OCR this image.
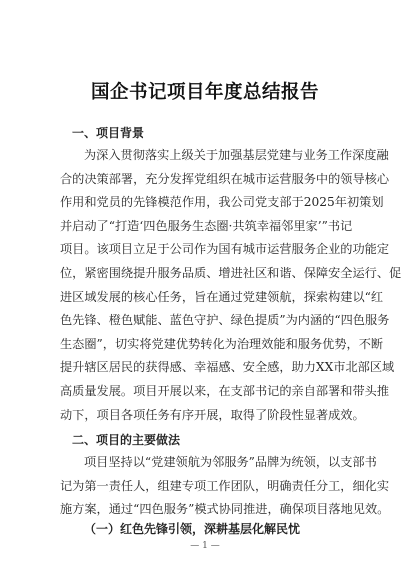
国企书记项目年度总结报告
一、项目背景
为深入贯彻落实上级关于加强基层党建与业务工作深度融
合的决策部署，充分发挥党组织在城市运营服务中的领导核心
作用和党员的先锋模范作用，我公司党支部于2025年初策划
并启动了“打造‘四色服务生态圈·共筑幸福邻里家’”书记
项目。该项目立足于公司作为国有城市运营服务企业的功能定
位，紧密围绕提升服务品质、增进社区和谐、保障安全运行、促
进区域发展的核心任务，旨在通过党建领航，探索构建以“红
色先锋、橙色赋能、蓝色守护、绿色提质”为内涵的“四色服务
生态圈”，切实将党建优势转化为治理效能和服务优势，不断
提升辖区居民的获得感、幸福感、安全感，助力XX市北部区域
高质量发展。项目开展以来，在支部书记的亲自部署和带头推
动下，项目各项任务有序开展，取得了阶段性显著成效。
二、项目的主要做法
项目坚持以“党建领航为邻服务”品牌为统领，以支部书
记为第一责任人，组建专项工作团队，明确责任分工，细化实
施方案，通过“四色服务”模式协同推进，确保项目落地见效。
（一）红色先锋引领，深耕基层化解民忧
— 1 —
